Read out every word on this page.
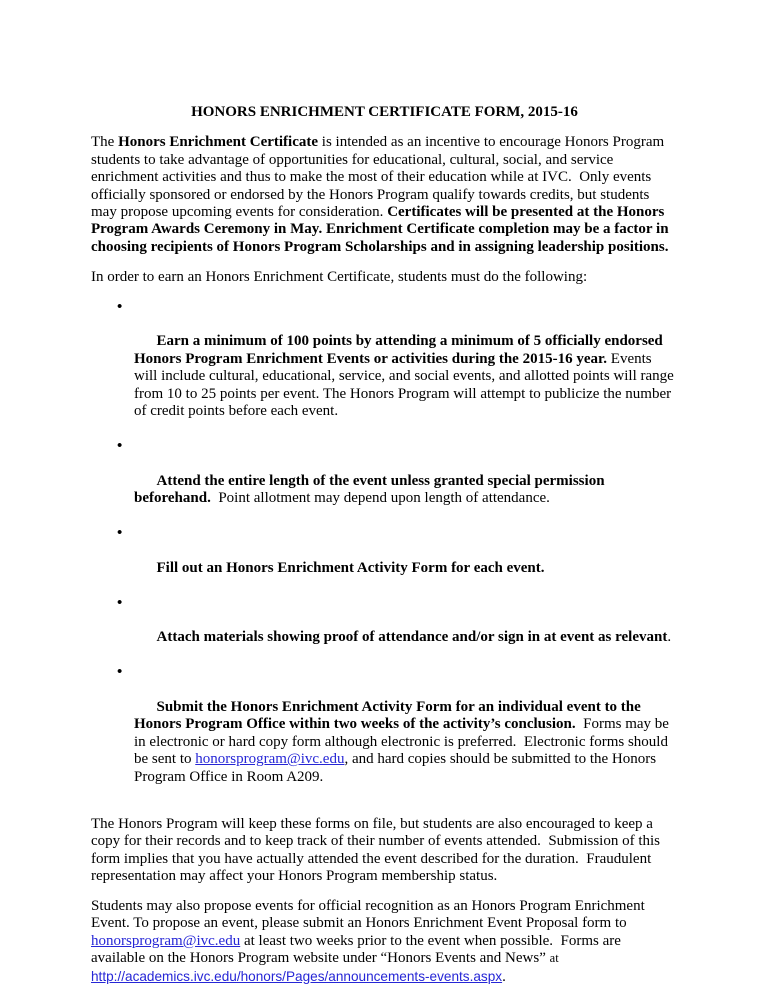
HONORS ENRICHMENT CERTIFICATE FORM, 2015-16

The Honors Enrichment Certificate is intended as an incentive to encourage Honors Program students to take advantage of opportunities for educational, cultural, social, and service enrichment activities and thus to make the most of their education while at IVC.  Only events officially sponsored or endorsed by the Honors Program qualify towards credits, but students may propose upcoming events for consideration. Certificates will be presented at the Honors Program Awards Ceremony in May. Enrichment Certificate completion may be a factor in choosing recipients of Honors Program Scholarships and in assigning leadership positions.

In order to earn an Honors Enrichment Certificate, students must do the following:

•

Earn a minimum of 100 points by attending a minimum of 5 officially endorsed Honors Program Enrichment Events or activities during the 2015-16 year. Events will include cultural, educational, service, and social events, and allotted points will range from 10 to 25 points per event. The Honors Program will attempt to publicize the number of credit points before each event.

•

Attend the entire length of the event unless granted special permission beforehand.  Point allotment may depend upon length of attendance.

•

Fill out an Honors Enrichment Activity Form for each event.

•

Attach materials showing proof of attendance and/or sign in at event as relevant.

•

Submit the Honors Enrichment Activity Form for an individual event to the Honors Program Office within two weeks of the activity’s conclusion.  Forms may be in electronic or hard copy form although electronic is preferred.  Electronic forms should be sent to honorsprogram@ivc.edu, and hard copies should be submitted to the Honors Program Office in Room A209.

The Honors Program will keep these forms on file, but students are also encouraged to keep a copy for their records and to keep track of their number of events attended.  Submission of this form implies that you have actually attended the event described for the duration.  Fraudulent representation may affect your Honors Program membership status.

Students may also propose events for official recognition as an Honors Program Enrichment Event. To propose an event, please submit an Honors Enrichment Event Proposal form to honorsprogram@ivc.edu at least two weeks prior to the event when possible.  Forms are available on the Honors Program website under “Honors Events and News” at http://academics.ivc.edu/honors/Pages/announcements-events.aspx.
